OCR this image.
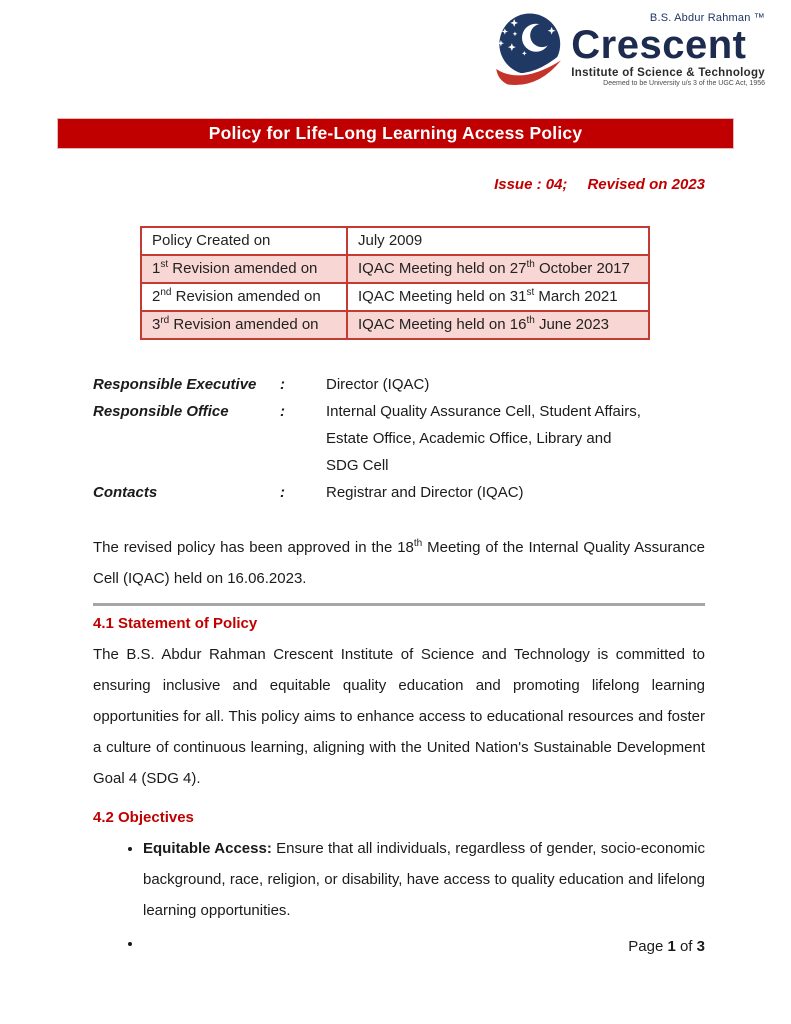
B.S. Abdur Rahman ™
Crescent
Institute of Science & Technology
Deemed to be University u/s 3 of the UGC Act, 1956
Policy for Life-Long Learning Access Policy
Issue : 04; Revised on 2023
Policy Created on	July 2009
1st Revision amended on	IQAC Meeting held on 27th October 2017
2nd Revision amended on	IQAC Meeting held on 31st March 2021
3rd Revision amended on	IQAC Meeting held on 16th June 2023
Responsible Executive	:	Director (IQAC)
Responsible Office	:	Internal Quality Assurance Cell, Student Affairs,
Estate Office, Academic Office, Library and
SDG Cell
Contacts	:	Registrar and Director (IQAC)

The revised policy has been approved in the 18th Meeting of the Internal Quality Assurance Cell (IQAC) held on 16.06.2023.

4.1 Statement of Policy

The B.S. Abdur Rahman Crescent Institute of Science and Technology is committed to ensuring inclusive and equitable quality education and promoting lifelong learning opportunities for all. This policy aims to enhance access to educational resources and foster a culture of continuous learning, aligning with the United Nation's Sustainable Development Goal 4 (SDG 4).

4.2 Objectives
• Equitable Access: Ensure that all individuals, regardless of gender, socio-economic background, race, religion, or disability, have access to quality education and lifelong learning opportunities.
•
Page 1 of 3
